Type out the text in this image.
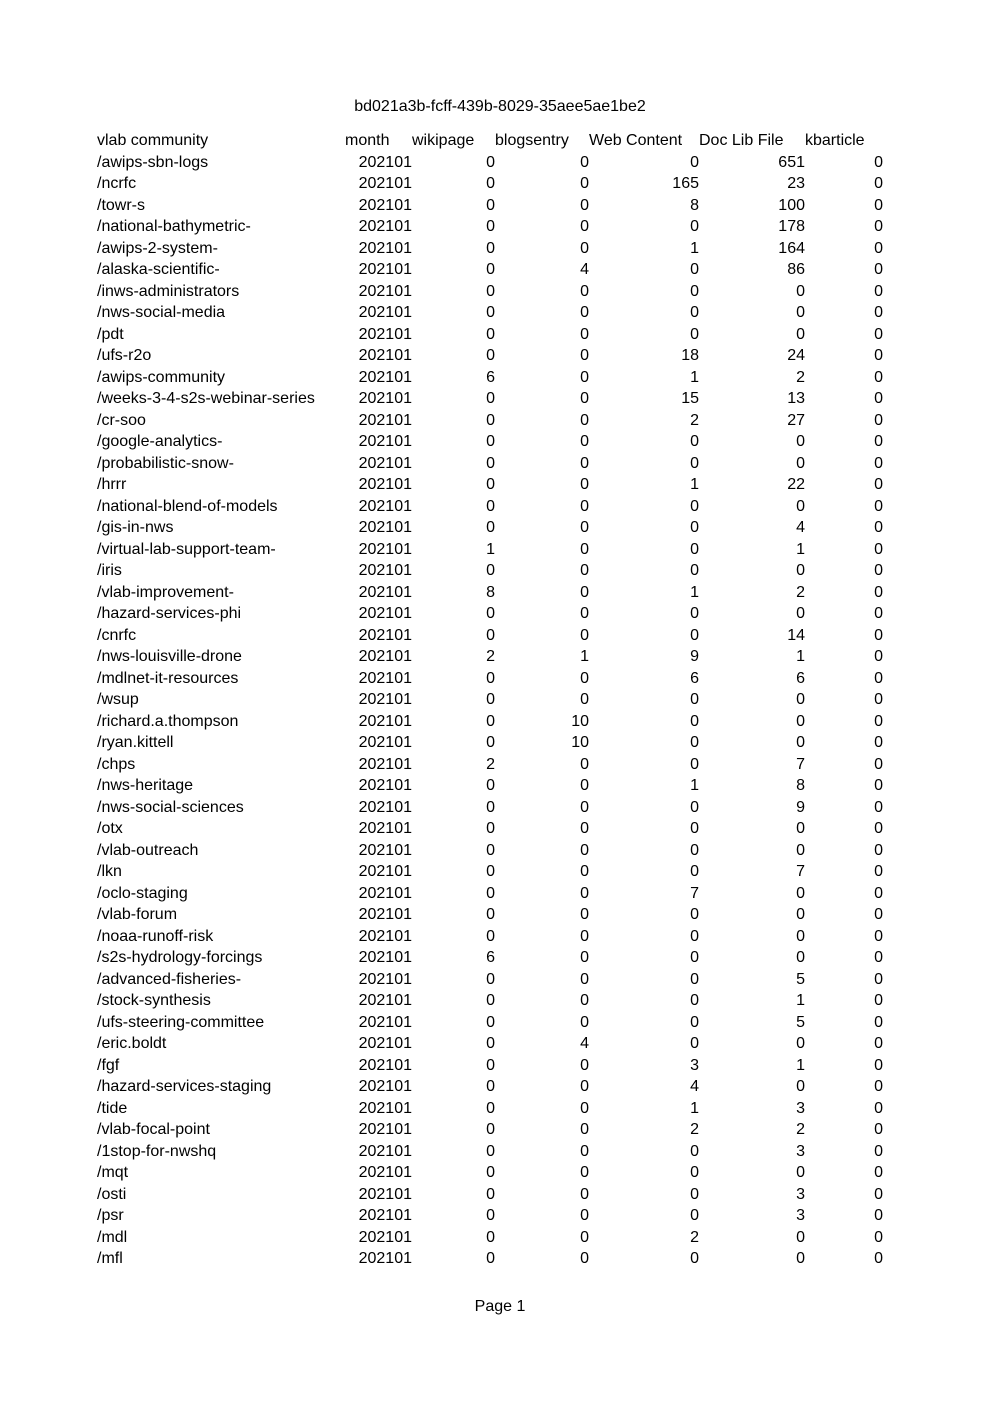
bd021a3b-fcff-439b-8029-35aee5ae1be2
vlab community	month	wikipage	blogsentry	Web Content	Doc Lib File	kbarticle
/awips-sbn-logs	202101	0	0	0	651	0
/ncrfc	202101	0	0	165	23	0
/towr-s	202101	0	0	8	100	0
/national-bathymetric-	202101	0	0	0	178	0
/awips-2-system-	202101	0	0	1	164	0
/alaska-scientific-	202101	0	4	0	86	0
/inws-administrators	202101	0	0	0	0	0
/nws-social-media	202101	0	0	0	0	0
/pdt	202101	0	0	0	0	0
/ufs-r2o	202101	0	0	18	24	0
/awips-community	202101	6	0	1	2	0
/weeks-3-4-s2s-webinar-series	202101	0	0	15	13	0
/cr-soo	202101	0	0	2	27	0
/google-analytics-	202101	0	0	0	0	0
/probabilistic-snow-	202101	0	0	0	0	0
/hrrr	202101	0	0	1	22	0
/national-blend-of-models	202101	0	0	0	0	0
/gis-in-nws	202101	0	0	0	4	0
/virtual-lab-support-team-	202101	1	0	0	1	0
/iris	202101	0	0	0	0	0
/vlab-improvement-	202101	8	0	1	2	0
/hazard-services-phi	202101	0	0	0	0	0
/cnrfc	202101	0	0	0	14	0
/nws-louisville-drone	202101	2	1	9	1	0
/mdlnet-it-resources	202101	0	0	6	6	0
/wsup	202101	0	0	0	0	0
/richard.a.thompson	202101	0	10	0	0	0
/ryan.kittell	202101	0	10	0	0	0
/chps	202101	2	0	0	7	0
/nws-heritage	202101	0	0	1	8	0
/nws-social-sciences	202101	0	0	0	9	0
/otx	202101	0	0	0	0	0
/vlab-outreach	202101	0	0	0	0	0
/lkn	202101	0	0	0	7	0
/oclo-staging	202101	0	0	7	0	0
/vlab-forum	202101	0	0	0	0	0
/noaa-runoff-risk	202101	0	0	0	0	0
/s2s-hydrology-forcings	202101	6	0	0	0	0
/advanced-fisheries-	202101	0	0	0	5	0
/stock-synthesis	202101	0	0	0	1	0
/ufs-steering-committee	202101	0	0	0	5	0
/eric.boldt	202101	0	4	0	0	0
/fgf	202101	0	0	3	1	0
/hazard-services-staging	202101	0	0	4	0	0
/tide	202101	0	0	1	3	0
/vlab-focal-point	202101	0	0	2	2	0
/1stop-for-nwshq	202101	0	0	0	3	0
/mqt	202101	0	0	0	0	0
/osti	202101	0	0	0	3	0
/psr	202101	0	0	0	3	0
/mdl	202101	0	0	2	0	0
/mfl	202101	0	0	0	0	0
Page 1
